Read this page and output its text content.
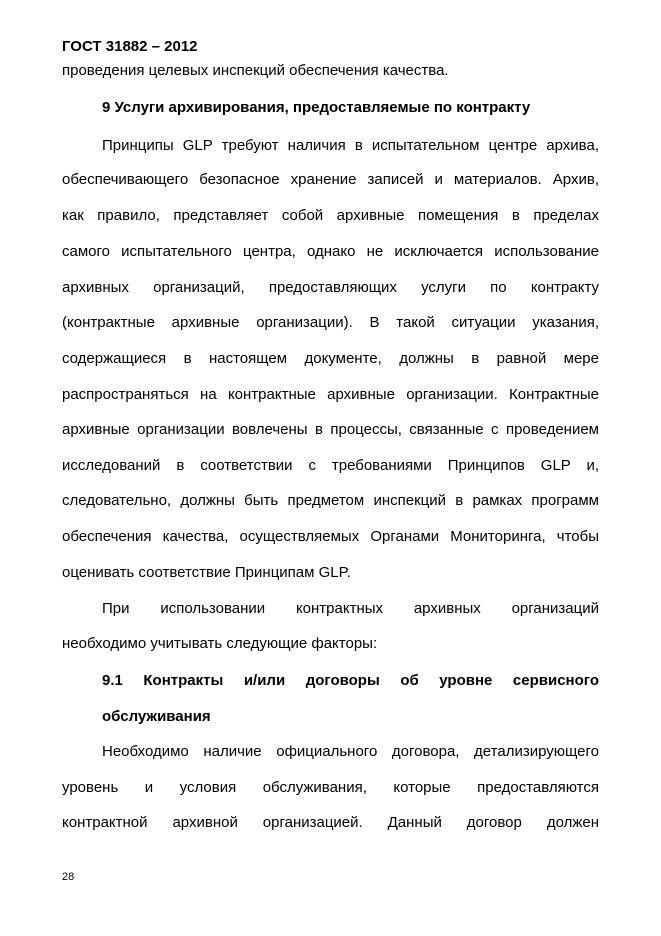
ГОСТ 31882 – 2012
проведения целевых инспекций обеспечения качества.
9 Услуги архивирования, предоставляемые по контракту
Принципы GLP требуют наличия в испытательном центре архива,
обеспечивающего безопасное хранение записей и материалов. Архив,
как правило, представляет собой архивные помещения в пределах
самого испытательного центра, однако не исключается использование
архивных организаций, предоставляющих услуги по контракту
(контрактные архивные организации). В такой ситуации указания,
содержащиеся в настоящем документе, должны в равной мере
распространяться на контрактные архивные организации. Контрактные
архивные организации вовлечены в процессы, связанные с проведением
исследований в соответствии с требованиями Принципов GLP и,
следовательно, должны быть предметом инспекций в рамках программ
обеспечения качества, осуществляемых Органами Мониторинга, чтобы
оценивать соответствие Принципам GLP.
При использовании контрактных архивных организаций
необходимо учитывать следующие факторы:
9.1 Контракты и/или договоры об уровне сервисного
обслуживания
Необходимо наличие официального договора, детализирующего
уровень и условия обслуживания, которые предоставляются
контрактной архивной организацией. Данный договор должен
28
